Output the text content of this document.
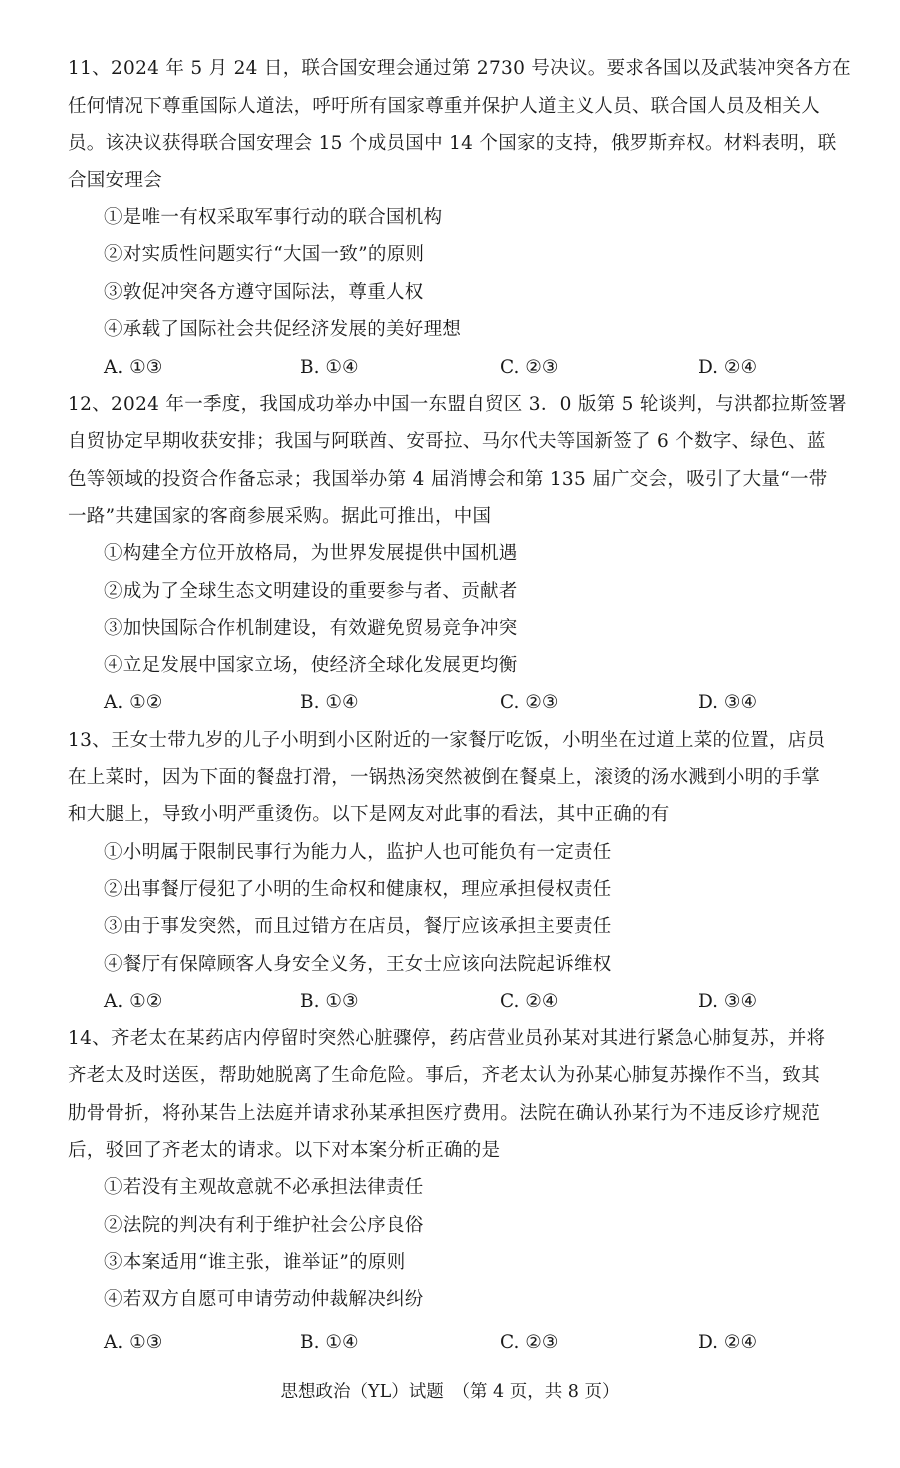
11、2024 年 5 月 24 日，联合国安理会通过第 2730 号决议。要求各国以及武装冲突各方在
任何情况下尊重国际人道法，呼吁所有国家尊重并保护人道主义人员、联合国人员及相关人
员。该决议获得联合国安理会 15 个成员国中 14 个国家的支持，俄罗斯弃权。材料表明，联
合国安理会
①是唯一有权采取军事行动的联合国机构
②对实质性问题实行“大国一致”的原则
③敦促冲突各方遵守国际法，尊重人权
④承载了国际社会共促经济发展的美好理想
A. ①③	B. ①④	C. ②③	D. ②④
12、2024 年一季度，我国成功举办中国一东盟自贸区 3．0 版第 5 轮谈判，与洪都拉斯签署
自贸协定早期收获安排；我国与阿联酋、安哥拉、马尔代夫等国新签了 6 个数字、绿色、蓝
色等领域的投资合作备忘录；我国举办第 4 届消博会和第 135 届广交会，吸引了大量“一带
一路”共建国家的客商参展采购。据此可推出，中国
①构建全方位开放格局，为世界发展提供中国机遇
②成为了全球生态文明建设的重要参与者、贡献者
③加快国际合作机制建设，有效避免贸易竞争冲突
④立足发展中国家立场，使经济全球化发展更均衡
A. ①②	B. ①④	C. ②③	D. ③④
13、王女士带九岁的儿子小明到小区附近的一家餐厅吃饭，小明坐在过道上菜的位置，店员
在上菜时，因为下面的餐盘打滑，一锅热汤突然被倒在餐桌上，滚烫的汤水溅到小明的手掌
和大腿上，导致小明严重烫伤。以下是网友对此事的看法，其中正确的有
①小明属于限制民事行为能力人，监护人也可能负有一定责任
②出事餐厅侵犯了小明的生命权和健康权，理应承担侵权责任
③由于事发突然，而且过错方在店员，餐厅应该承担主要责任
④餐厅有保障顾客人身安全义务，王女士应该向法院起诉维权
A. ①②	B. ①③	C. ②④	D. ③④
14、齐老太在某药店内停留时突然心脏骤停，药店营业员孙某对其进行紧急心肺复苏，并将
齐老太及时送医，帮助她脱离了生命危险。事后，齐老太认为孙某心肺复苏操作不当，致其
肋骨骨折，将孙某告上法庭并请求孙某承担医疗费用。法院在确认孙某行为不违反诊疗规范
后，驳回了齐老太的请求。以下对本案分析正确的是
①若没有主观故意就不必承担法律责任
②法院的判决有利于维护社会公序良俗
③本案适用“谁主张，谁举证”的原则
④若双方自愿可申请劳动仲裁解决纠纷
A. ①③	B. ①④	C. ②③	D. ②④
思想政治（YL）试题　（第 4 页，共 8 页）
